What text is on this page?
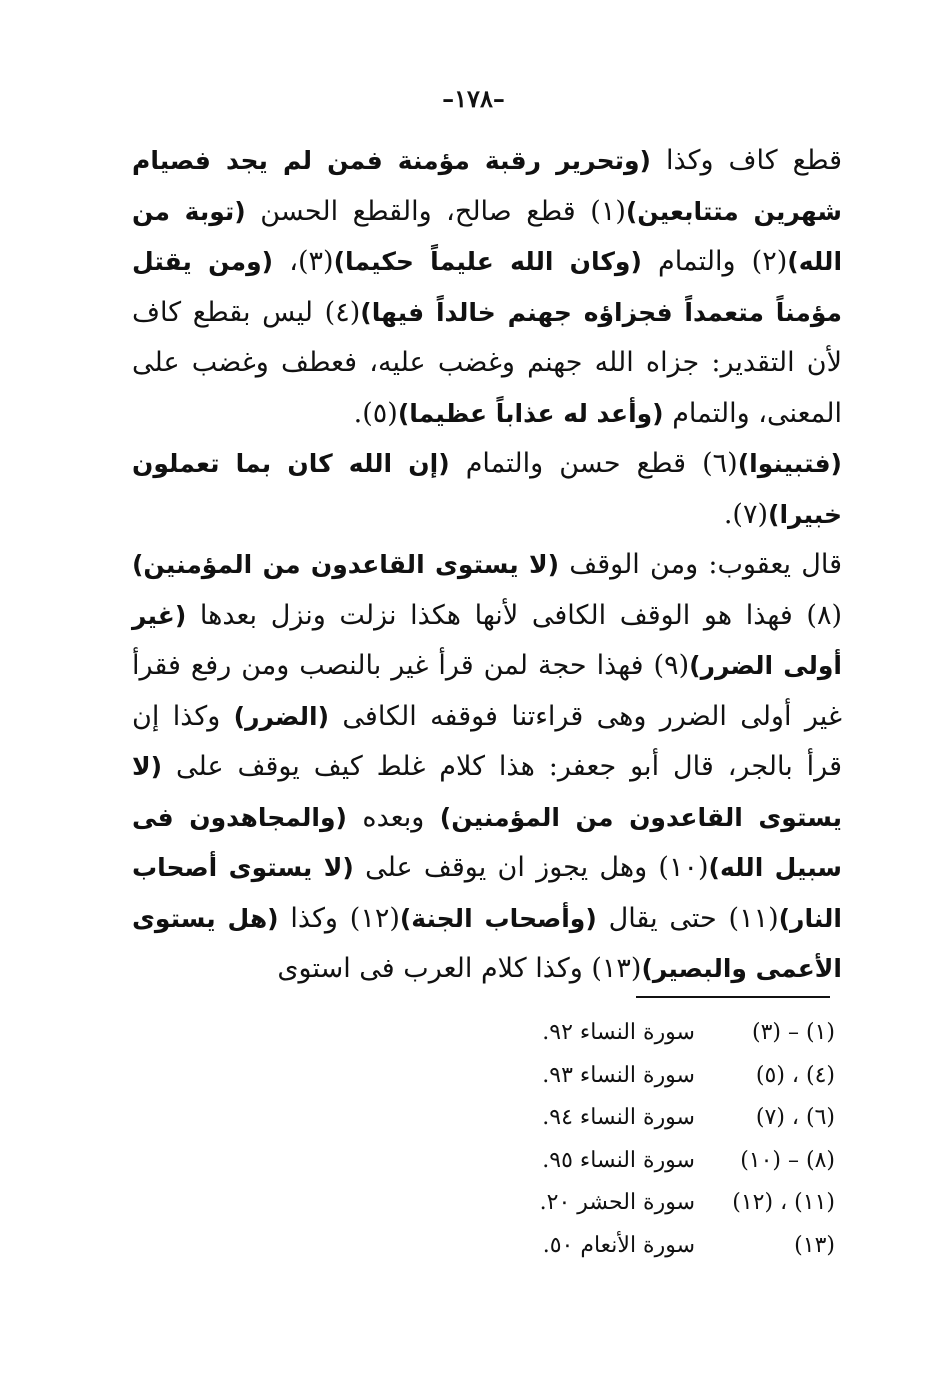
–١٧٨–

قطع كاف وكذا (وتحرير رقبة مؤمنة فمن لم يجد فصيام شهرين متتابعين)(١) قطع صالح، والقطع الحسن (توبة من الله)(٢) والتمام (وكان الله عليماً حكيما)(٣)، (ومن يقتل مؤمناً متعمداً فجزاؤه جهنم خالداً فيها)(٤) ليس بقطع كاف لأن التقدير: جزاه الله جهنم وغضب عليه، فعطف وغضب على المعنى، والتمام (وأعد له عذاباً عظيما)(٥).

(فتبينوا)(٦) قطع حسن والتمام (إن الله كان بما تعملون خبيرا)(٧).

قال يعقوب: ومن الوقف (لا يستوى القاعدون من المؤمنين)(٨) فهذا هو الوقف الكافى لأنها هكذا نزلت ونزل بعدها (غير أولى الضرر)(٩) فهذا حجة لمن قرأ غير بالنصب ومن رفع فقرأ غير أولى الضرر وهى قراءتنا فوقفه الكافى (الضرر) وكذا إن قرأ بالجر، قال أبو جعفر: هذا كلام غلط كيف يوقف على (لا يستوى القاعدون من المؤمنين) وبعده (والمجاهدون فى سبيل الله)(١٠) وهل يجوز ان يوقف على (لا يستوى أصحاب النار)(١١) حتى يقال (وأصحاب الجنة)(١٢) وكذا (هل يستوى الأعمى والبصير)(١٣) وكذا كلام العرب فى استوى

(١) – (٣)سورة النساء ٩٢.
(٤) ، (٥)سورة النساء ٩٣.
(٦) ، (٧)سورة النساء ٩٤.
(٨) – (١٠)سورة النساء ٩٥.
(١١) ، (١٢)سورة الحشر ٢٠.
(١٣)سورة الأنعام ٥٠.
